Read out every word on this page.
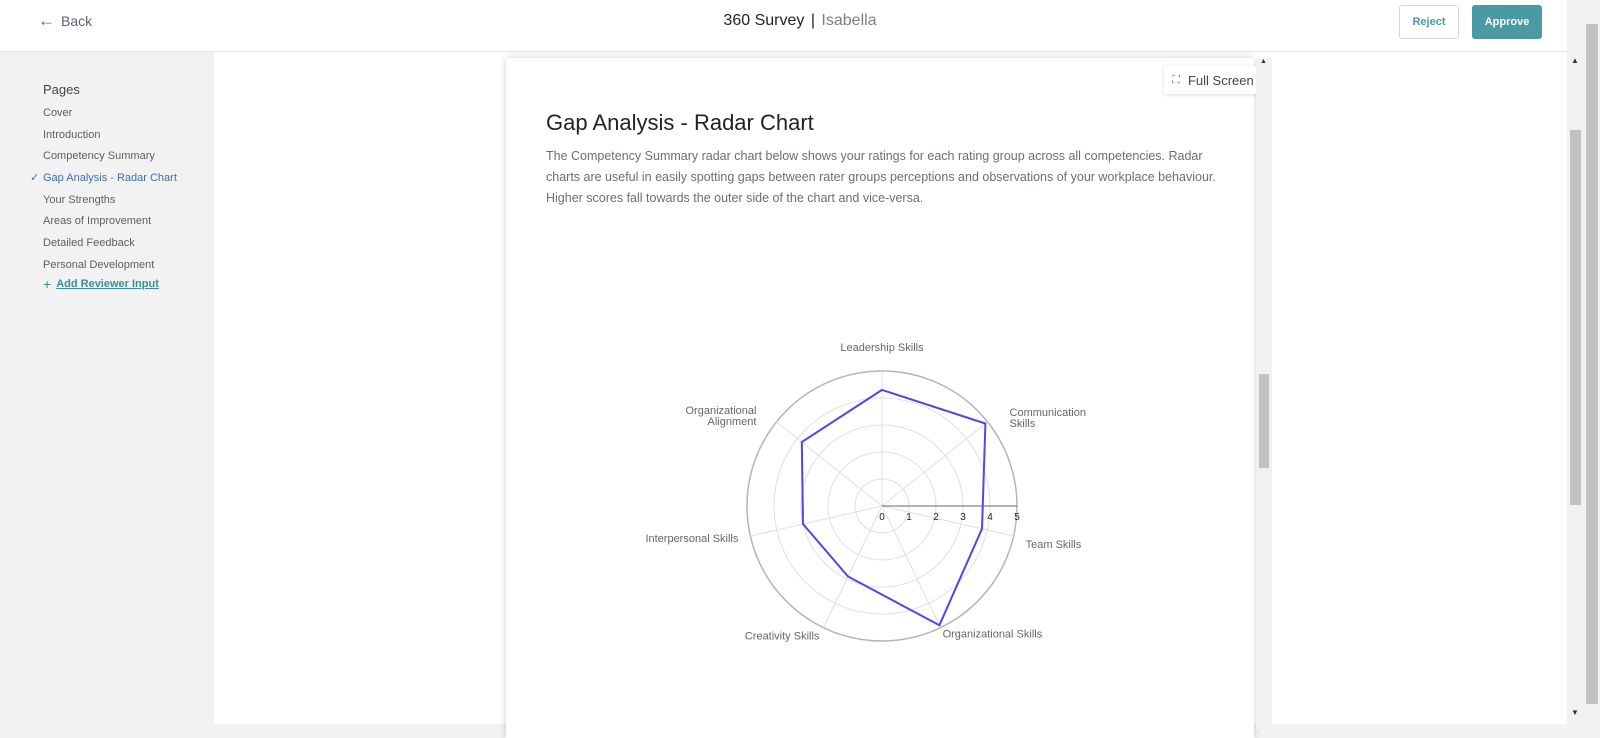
← Back	360 Survey | Isabella	Reject	Approve
Pages
Cover
Introduction
Competency Summary
✓ Gap Analysis - Radar Chart
Your Strengths
Areas of Improvement
Detailed Feedback
Personal Development
+ Add Reviewer Input
⛶ Full Screen
Gap Analysis - Radar Chart
The Competency Summary radar chart below shows your ratings for each rating group across all competencies. Radar charts are useful in easily spotting gaps between rater groups perceptions and observations of your workplace behaviour. Higher scores fall towards the outer side of the chart and vice-versa.
0 1 2 3 4 5
Leadership Skills
Communication
Skills
Team Skills
Organizational Skills
Creativity Skills
Interpersonal Skills
Organizational
Alignment
▲	▲
▼
